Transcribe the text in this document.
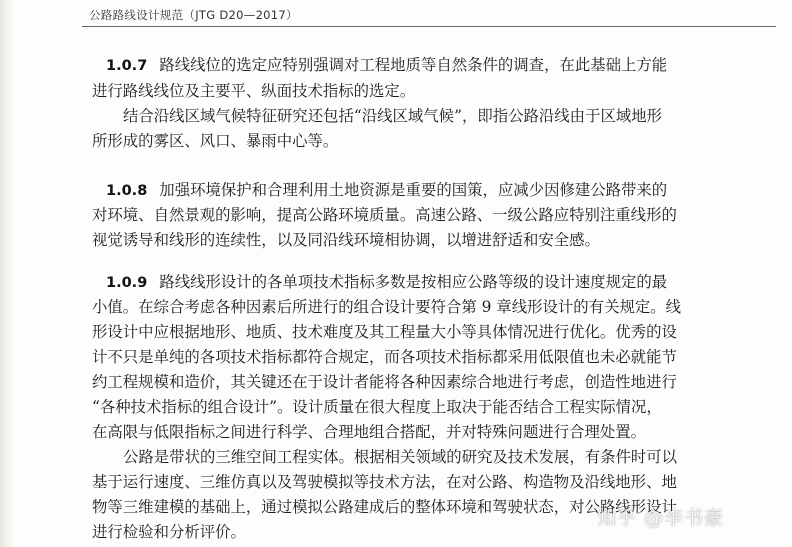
公路路线设计规范（JTG D20—2017）
1.0.7 路线线位的选定应特别强调对工程地质等自然条件的调查，在此基础上方能
进行路线线位及主要平、纵面技术指标的选定。
结合沿线区域气候特征研究还包括“沿线区域气候”，即指公路沿线由于区域地形
所形成的雾区、风口、暴雨中心等。
1.0.8 加强环境保护和合理利用土地资源是重要的国策，应减少因修建公路带来的
对环境、自然景观的影响，提高公路环境质量。高速公路、一级公路应特别注重线形的
视觉诱导和线形的连续性，以及同沿线环境相协调，以增进舒适和安全感。
1.0.9 路线线形设计的各单项技术指标多数是按相应公路等级的设计速度规定的最
小值。在综合考虑各种因素后所进行的组合设计要符合第 9 章线形设计的有关规定。线
形设计中应根据地形、地质、技术难度及其工程量大小等具体情况进行优化。优秀的设
计不只是单纯的各项技术指标都符合规定，而各项技术指标都采用低限值也未必就能节
约工程规模和造价，其关键还在于设计者能将各种因素综合地进行考虑，创造性地进行
“各种技术指标的组合设计”。设计质量在很大程度上取决于能否结合工程实际情况，
在高限与低限指标之间进行科学、合理地组合搭配，并对特殊问题进行合理处置。
公路是带状的三维空间工程实体。根据相关领域的研究及技术发展，有条件时可以
基于运行速度、三维仿真以及驾驶模拟等技术方法，在对公路、构造物及沿线地形、地
物等三维建模的基础上，通过模拟公路建成后的整体环境和驾驶状态，对公路线形设计
进行检验和分析评价。
知乎 @李书豪
